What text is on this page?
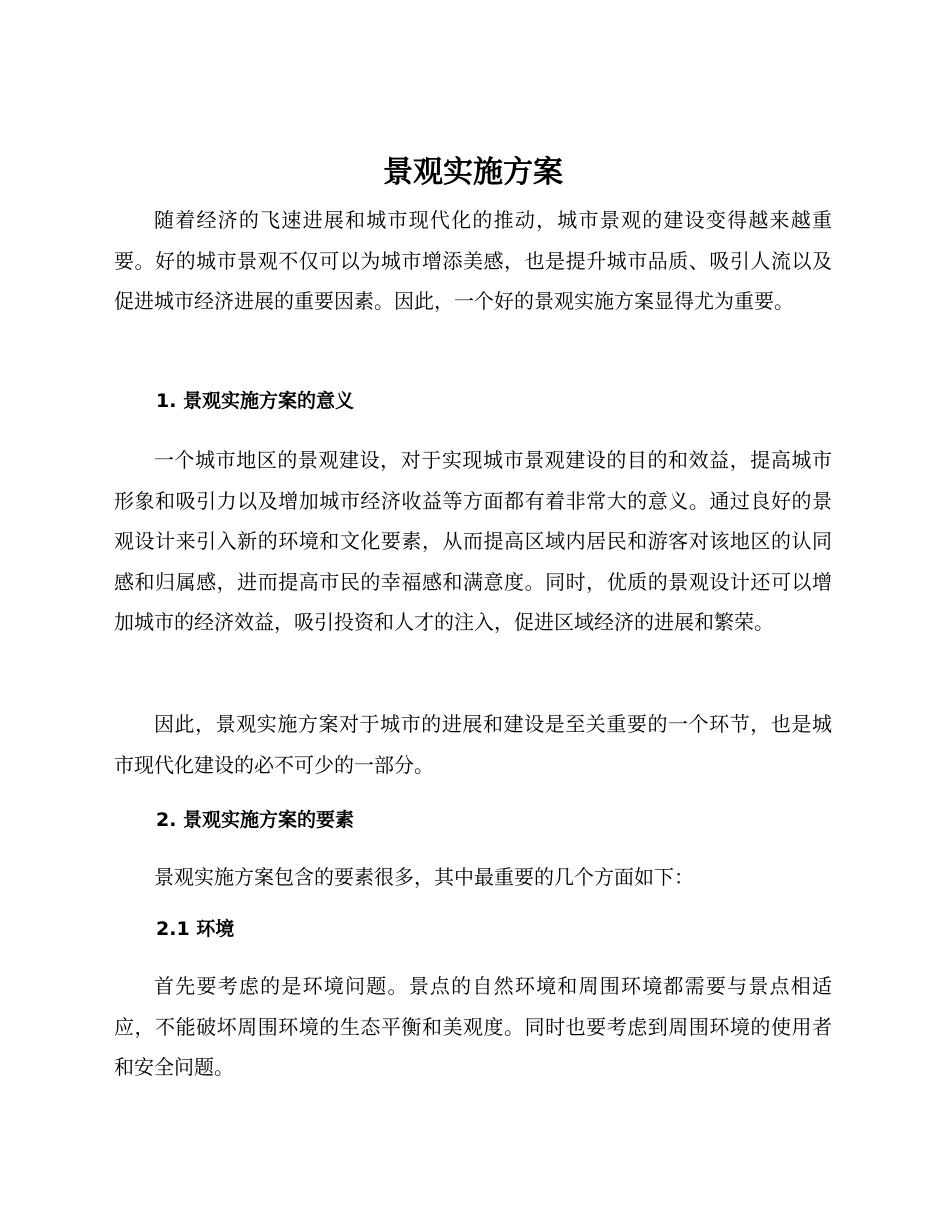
景观实施方案

随着经济的飞速进展和城市现代化的推动，城市景观的建设变得越来越重要。好的城市景观不仅可以为城市增添美感，也是提升城市品质、吸引人流以及促进城市经济进展的重要因素。因此，一个好的景观实施方案显得尤为重要。

1. 景观实施方案的意义

一个城市地区的景观建设，对于实现城市景观建设的目的和效益，提高城市形象和吸引力以及增加城市经济收益等方面都有着非常大的意义。通过良好的景观设计来引入新的环境和文化要素，从而提高区域内居民和游客对该地区的认同感和归属感，进而提高市民的幸福感和满意度。同时，优质的景观设计还可以增加城市的经济效益，吸引投资和人才的注入，促进区域经济的进展和繁荣。

因此，景观实施方案对于城市的进展和建设是至关重要的一个环节，也是城市现代化建设的必不可少的一部分。

2. 景观实施方案的要素

景观实施方案包含的要素很多，其中最重要的几个方面如下：

2.1 环境

首先要考虑的是环境问题。景点的自然环境和周围环境都需要与景点相适应，不能破坏周围环境的生态平衡和美观度。同时也要考虑到周围环境的使用者和安全问题。
